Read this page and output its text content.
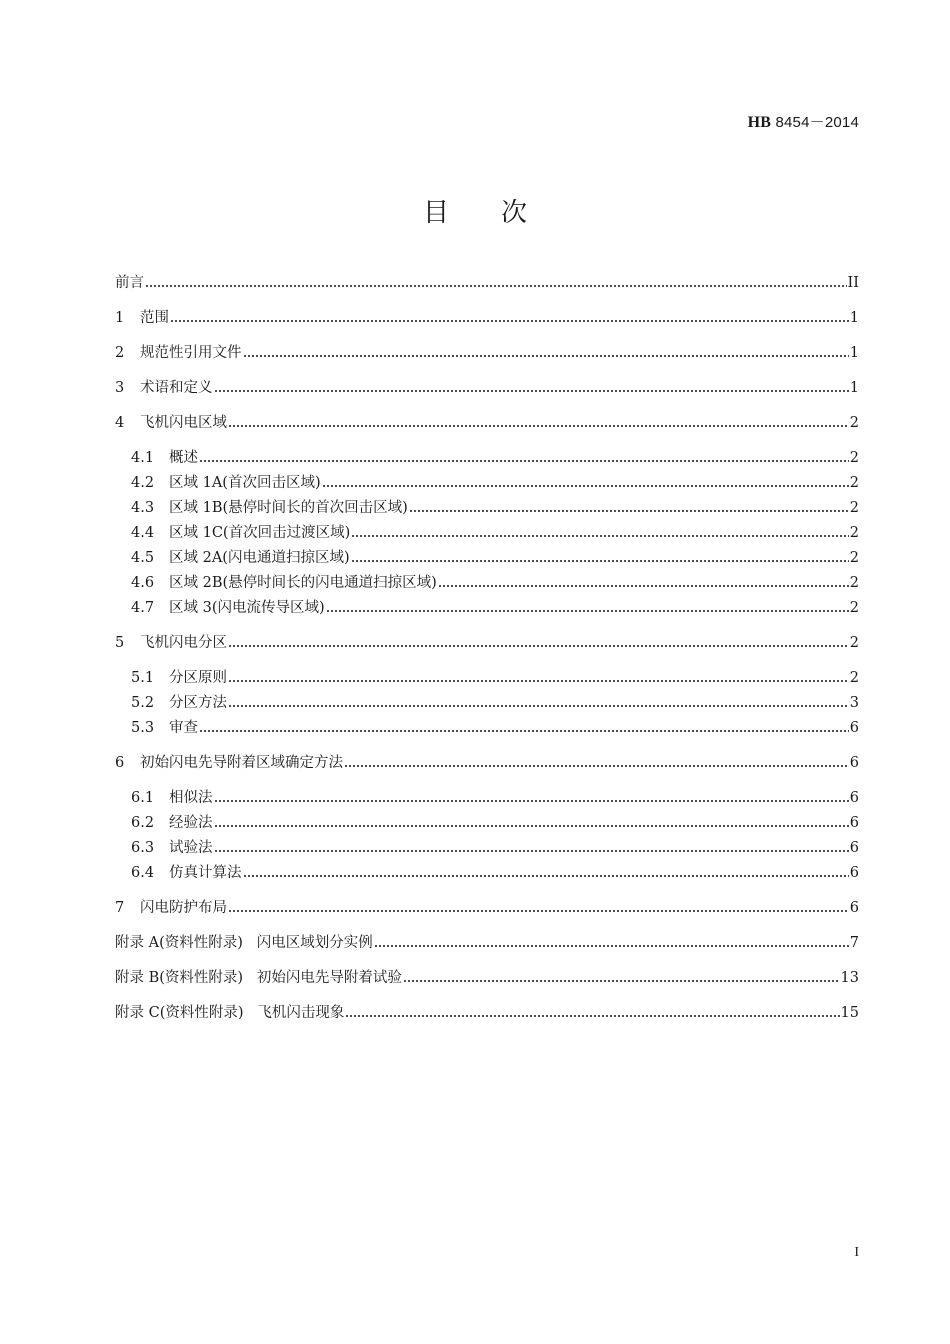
HB 8454－2014
目次
前言	II
1	范围	1
2	规范性引用文件	1
3	术语和定义	1
4	飞机闪电区域	2
4.1	概述	2
4.2	区域 1A(首次回击区域)	2
4.3	区域 1B(悬停时间长的首次回击区域)	2
4.4	区域 1C(首次回击过渡区域)	2
4.5	区域 2A(闪电通道扫掠区域)	2
4.6	区域 2B(悬停时间长的闪电通道扫掠区域)	2
4.7	区域 3(闪电流传导区域)	2
5	飞机闪电分区	2
5.1	分区原则	2
5.2	分区方法	3
5.3	审查	6
6	初始闪电先导附着区域确定方法	6
6.1	相似法	6
6.2	经验法	6
6.3	试验法	6
6.4	仿真计算法	6
7	闪电防护布局	6
附录 A(资料性附录)   闪电区域划分实例	7
附录 B(资料性附录)   初始闪电先导附着试验	13
附录 C(资料性附录)   飞机闪击现象	15
I
